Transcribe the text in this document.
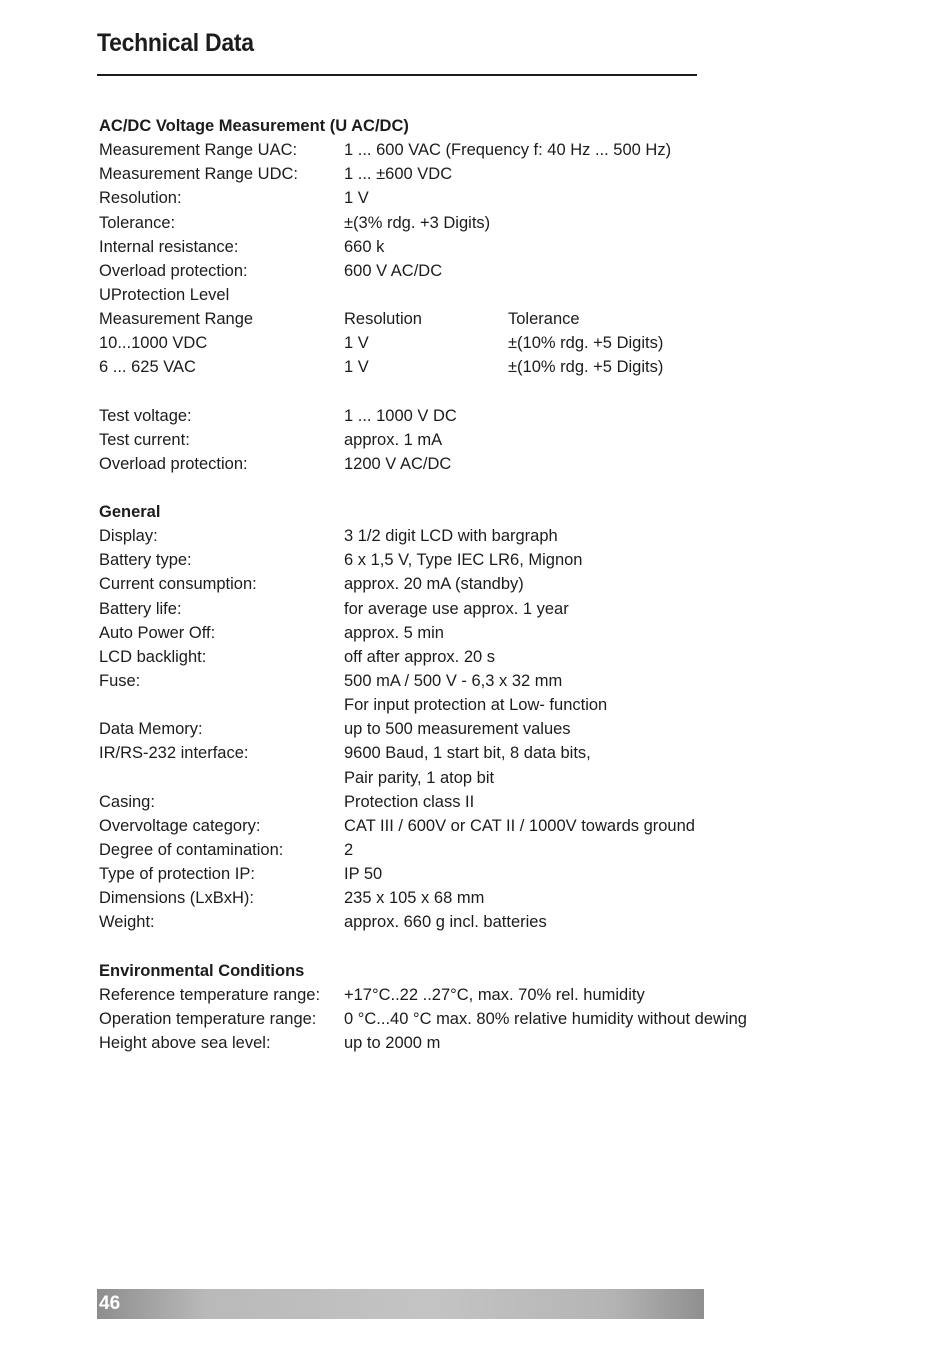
Technical Data
AC/DC Voltage Measurement (U AC/DC)
Measurement Range UAC:	1 ... 600 VAC (Frequency f: 40 Hz ... 500 Hz)
Measurement Range UDC:	1 ... ±600 VDC
Resolution:	1 V
Tolerance:	±(3% rdg. +3 Digits)
Internal resistance:	660 k
Overload protection:	600 V AC/DC
UProtection Level
Measurement Range	Resolution	Tolerance
10...1000 VDC	1 V	±(10% rdg. +5 Digits)
6 ... 625 VAC	1 V	±(10% rdg. +5 Digits)
Test voltage:	1 ... 1000 V DC
Test current:	approx. 1 mA
Overload protection:	1200 V AC/DC
General
Display:	3 1/2 digit LCD with bargraph
Battery type:	6 x 1,5 V, Type IEC LR6, Mignon
Current consumption:	approx. 20 mA (standby)
Battery life:	for average use approx. 1 year
Auto Power Off:	approx. 5 min
LCD backlight:	off after approx. 20 s
Fuse:	500 mA / 500 V - 6,3 x 32 mm
For input protection at Low- function
Data Memory:	up to 500 measurement values
IR/RS-232 interface:	9600 Baud, 1 start bit, 8 data bits,
Pair parity, 1 atop bit
Casing:	Protection class II
Overvoltage category:	CAT III / 600V or CAT II / 1000V towards ground
Degree of contamination:	2
Type of protection IP:	IP 50
Dimensions (LxBxH):	235 x 105 x 68 mm
Weight:	approx. 660 g incl. batteries
Environmental Conditions
Reference temperature range: +17°C..22 ..27°C, max. 70% rel. humidity
Operation temperature range: 0 °C...40 °C max. 80% relative humidity without dewing
Height above sea level:	up to 2000 m
46
